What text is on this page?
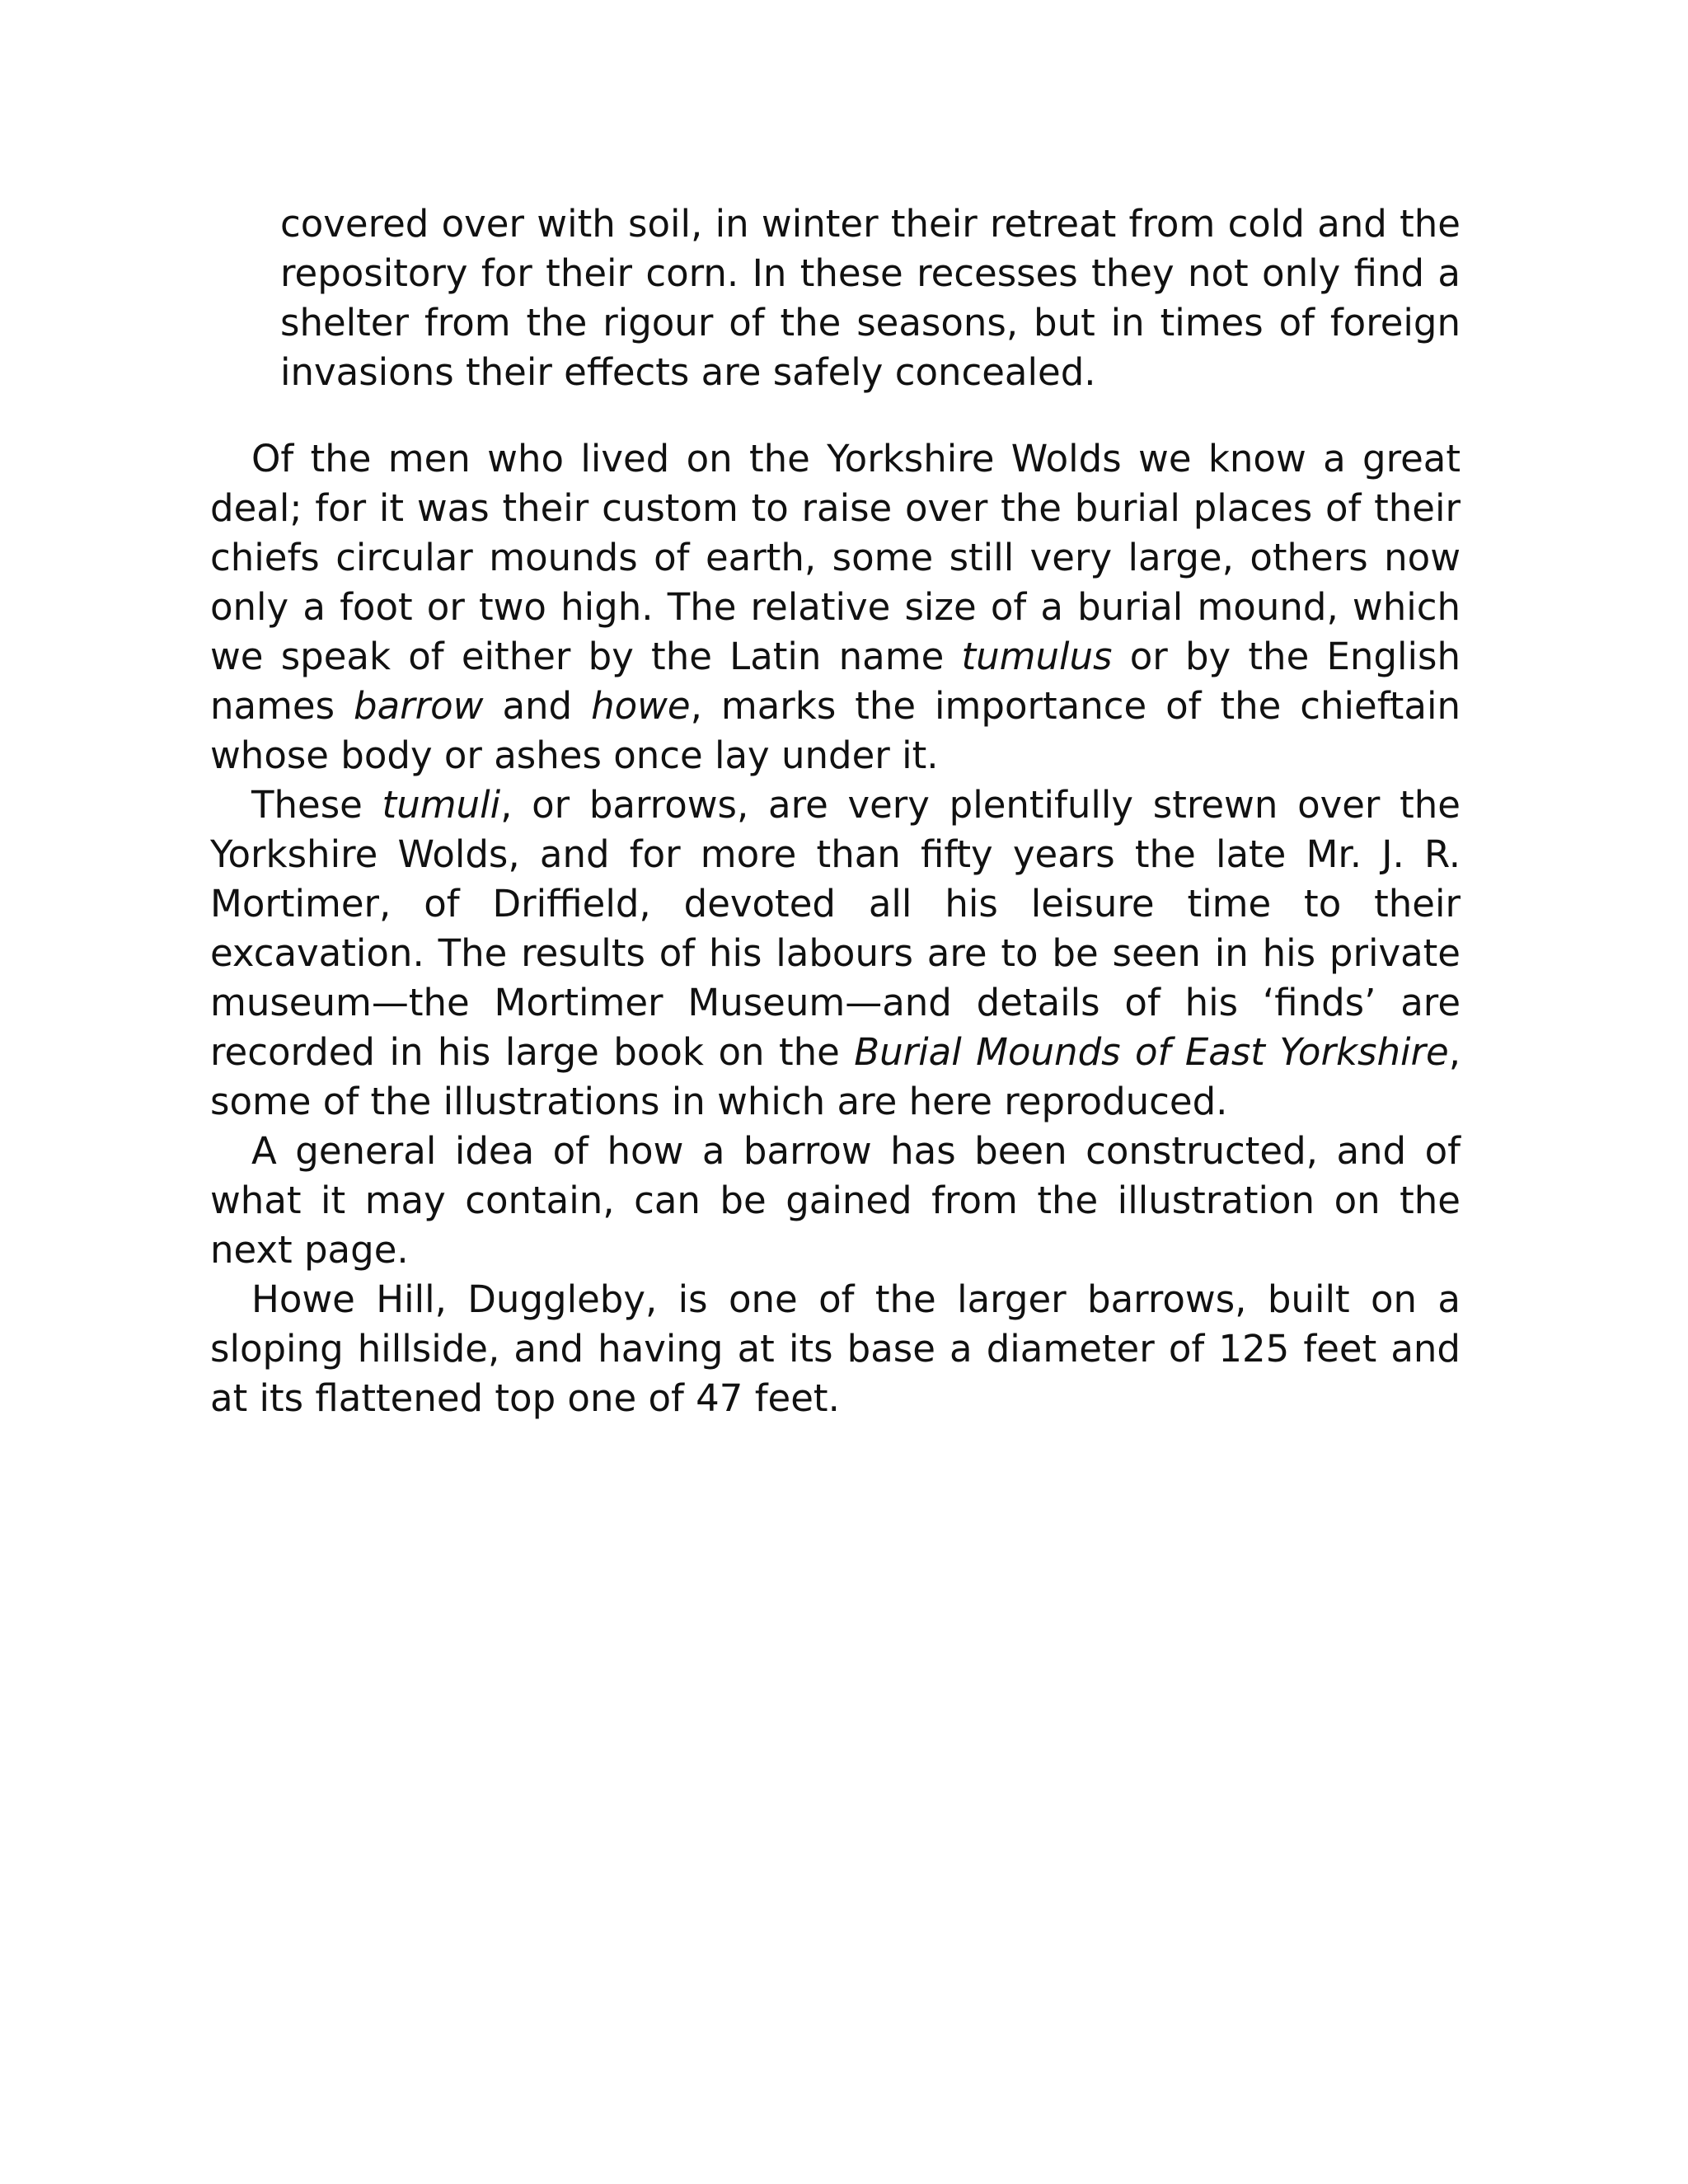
covered over with soil, in winter their retreat from cold and the repository for their corn. In these recesses they not only find a shelter from the rigour of the seasons, but in times of foreign invasions their effects are safely concealed.

Of the men who lived on the Yorkshire Wolds we know a great deal; for it was their custom to raise over the burial places of their chiefs circular mounds of earth, some still very large, others now only a foot or two high. The relative size of a burial mound, which we speak of either by the Latin name tumulus or by the English names barrow and howe, marks the importance of the chieftain whose body or ashes once lay under it.

These tumuli, or barrows, are very plentifully strewn over the Yorkshire Wolds, and for more than fifty years the late Mr. J. R. Mortimer, of Driffield, devoted all his leisure time to their excavation. The results of his labours are to be seen in his private museum—the Mortimer Museum—and details of his ‘finds’ are recorded in his large book on the Burial Mounds of East Yorkshire, some of the illustrations in which are here reproduced.

A general idea of how a barrow has been constructed, and of what it may contain, can be gained from the illustration on the next page.

Howe Hill, Duggleby, is one of the larger barrows, built on a sloping hillside, and having at its base a diameter of 125 feet and at its flattened top one of 47 feet.
